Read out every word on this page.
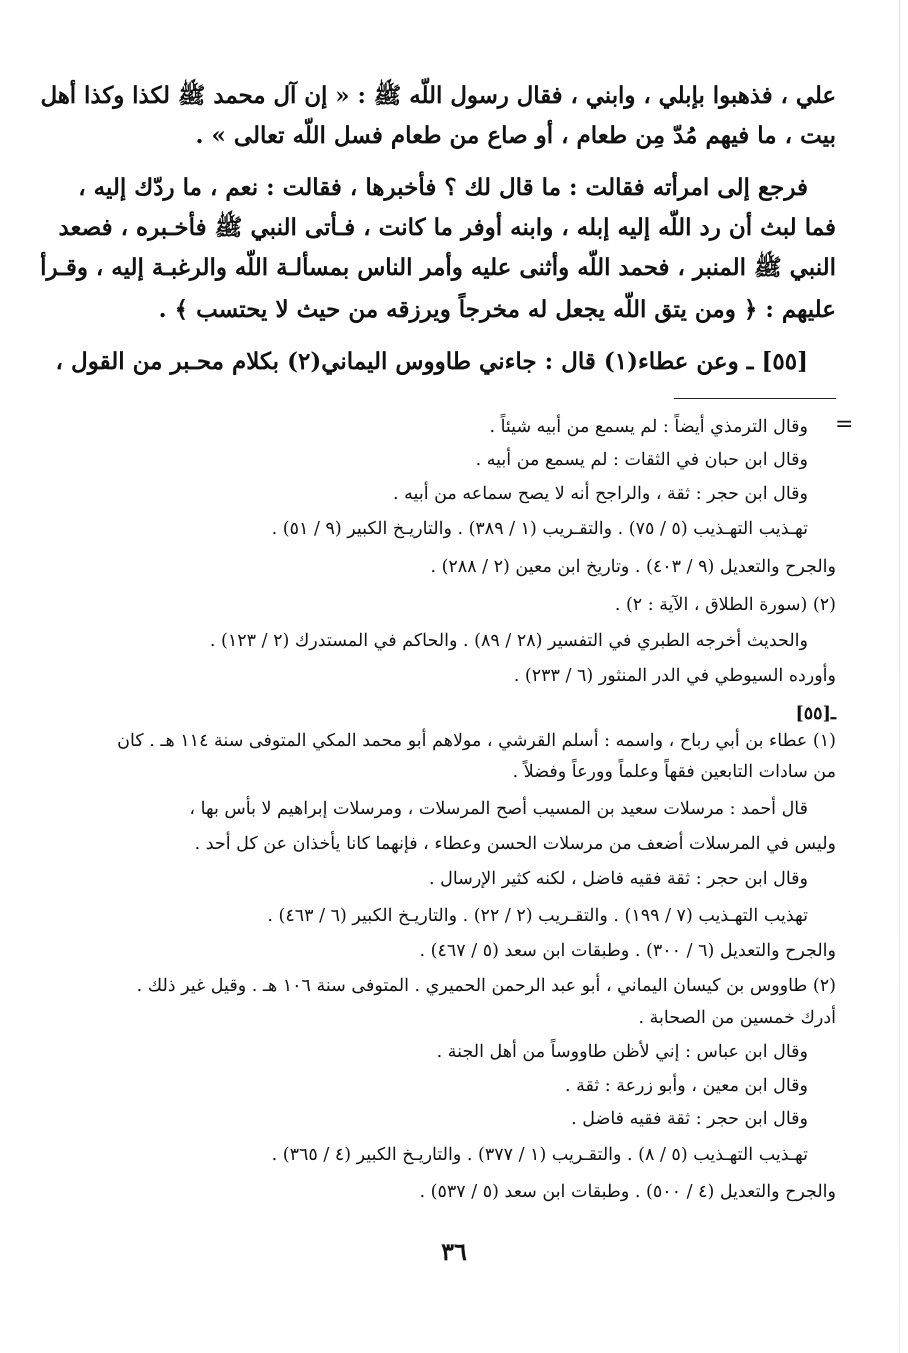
علي ، فذهبوا بإبلي ، وابني ، فقال رسول اللّه ﷺ : « إن آل محمد ﷺ لكذا وكذا أهل
بيت ، ما فيهم مُدّ مِن طعام ، أو صاع من طعام فسل اللّه تعالى » .
فرجع إلى امرأته فقالت : ما قال لك ؟ فأخبرها ، فقالت : نعم ، ما ردّك إليه ،
فما لبث أن رد اللّه إليه إبله ، وابنه أوفر ما كانت ، فـأتى النبي ﷺ فأخـبره ، فصعد
النبي ﷺ المنبر ، فحمد اللّه وأثنى عليه وأمر الناس بمسألـة اللّه والرغبـة إليه ، وقـرأ
عليهم : ﴿ ومن يتق اللّه يجعل له مخرجاً ويرزقه من حيث لا يحتسب ﴾ .
[٥٥] ـ وعن عطاء(١) قال : جاءني طاووس اليماني(٢) بكلام محـبر من القول ،
=
وقال الترمذي أيضاً : لم يسمع من أبيه شيئاً .
وقال ابن حبان في الثقات : لم يسمع من أبيه .
وقال ابن حجر : ثقة ، والراجح أنه لا يصح سماعه من أبيه .
تهـذيب التهـذيب (٥ / ٧٥) . والتقـريب (١ / ٣٨٩) . والتاريـخ الكبير (٩ / ٥١) .
والجرح والتعديل (٩ / ٤٠٣) . وتاريخ ابن معين (٢ / ٢٨٨) .
(٢) (سورة الطلاق ، الآية : ٢) .
والحديث أخرجه الطبري في التفسير (٢٨ / ٨٩) . والحاكم في المستدرك (٢ / ١٢٣) .
وأورده السيوطي في الدر المنثور (٦ / ٢٣٣) .
ـ[٥٥]
(١) عطاء بن أبي رباح ، واسمه : أسلم القرشي ، مولاهم أبو محمد المكي المتوفى سنة ١١٤ هـ . كان
من سادات التابعين فقهاً وعلماً وورعاً وفضلاً .
قال أحمد : مرسلات سعيد بن المسيب أصح المرسلات ، ومرسلات إبراهيم لا بأس بها ،
وليس في المرسلات أضعف من مرسلات الحسن وعطاء ، فإنهما كانا يأخذان عن كل أحد .
وقال ابن حجر : ثقة فقيه فاضل ، لكنه كثير الإرسال .
تهذيب التهـذيب (٧ / ١٩٩) . والتقـريب (٢ / ٢٢) . والتاريـخ الكبير (٦ / ٤٦٣) .
والجرح والتعديل (٦ / ٣٠٠) . وطبقات ابن سعد (٥ / ٤٦٧) .
(٢) طاووس بن كيسان اليماني ، أبو عبد الرحمن الحميري . المتوفى سنة ١٠٦ هـ . وقيل غير ذلك .
أدرك خمسين من الصحابة .
وقال ابن عباس : إني لأظن طاووساً من أهل الجنة .
وقال ابن معين ، وأبو زرعة : ثقة .
وقال ابن حجر : ثقة فقيه فاضل .
تهـذيب التهـذيب (٥ / ٨) . والتقـريب (١ / ٣٧٧) . والتاريـخ الكبير (٤ / ٣٦٥) .
والجرح والتعديل (٤ / ٥٠٠) . وطبقات ابن سعد (٥ / ٥٣٧) .
٣٦
